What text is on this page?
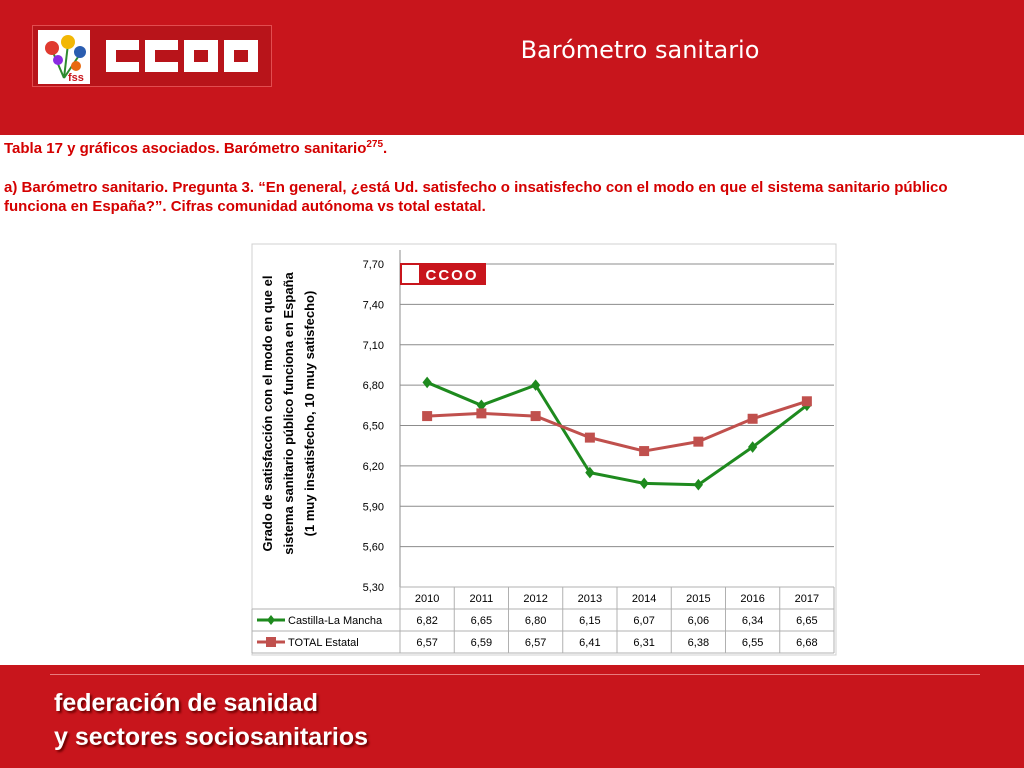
fss
Barómetro sanitario
Tabla 17 y gráficos asociados. Barómetro sanitario$^{275}$.
a) Barómetro sanitario. Pregunta 3. “En general, ¿está Ud. satisfecho o insatisfecho con el modo en que el sistema sanitario público funciona en España?”. Cifras comunidad autónoma vs total estatal.
5,30
5,60
5,90
6,20
6,50
6,80
7,10
7,40
7,70
Grado de satisfacción con el modo en que el sistema sanitario público funciona en España (1 muy insatisfecho, 10 muy satisfecho)
CCOO
2010	2011	2012	2013	2014	2015	2016	2017
Castilla-La Mancha	6,82	6,65	6,80	6,15	6,07	6,06	6,34	6,65
TOTAL Estatal	6,57	6,59	6,57	6,41	6,31	6,38	6,55	6,68
federación de sanidad
y sectores sociosanitarios
